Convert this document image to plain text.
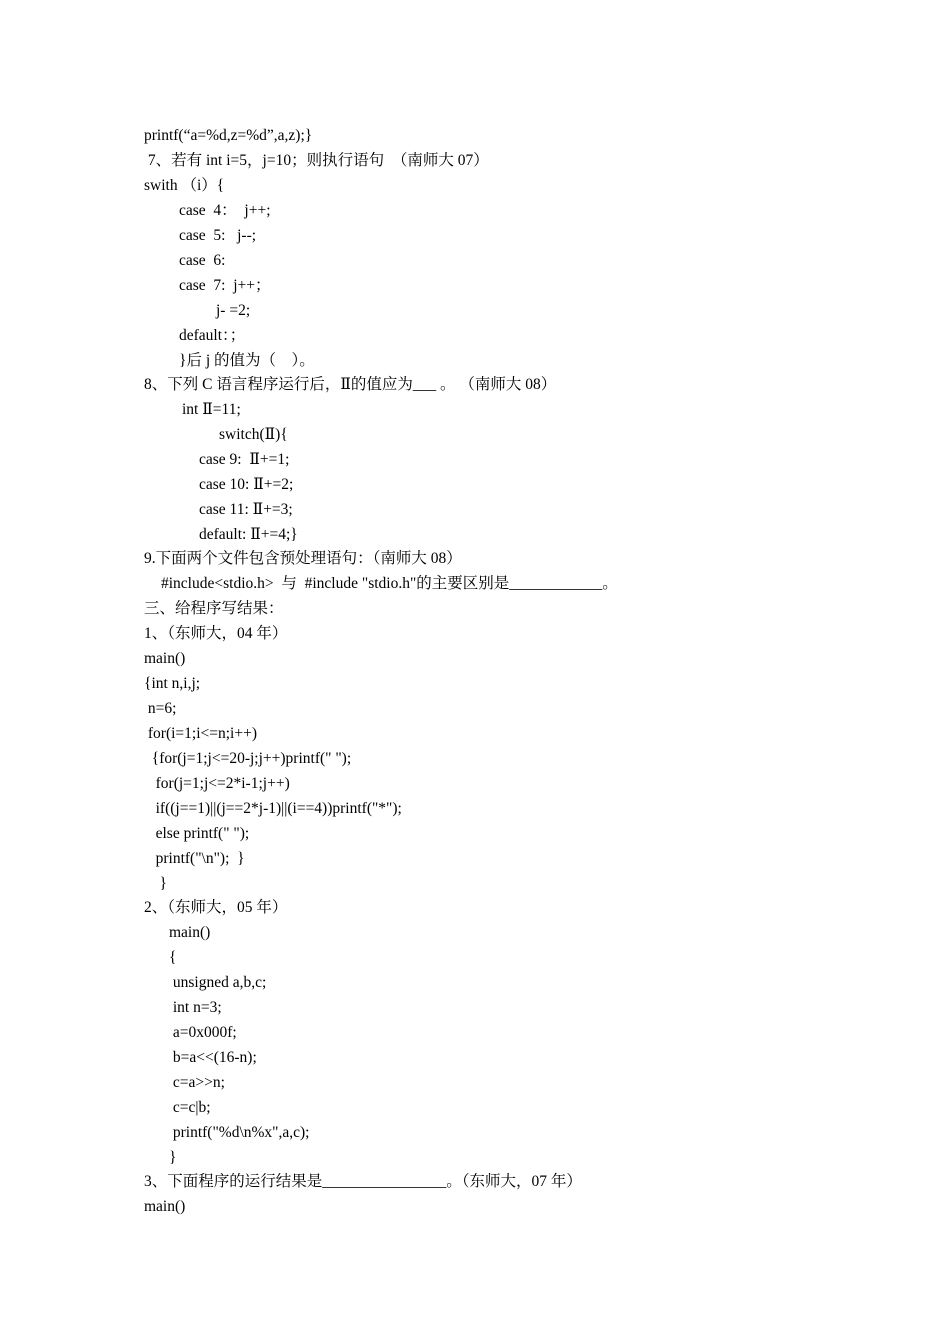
printf(“a=%d,z=%d”,a,z);}
7、若有 int i=5，j=10；则执行语句  （南师大 07）
swith （i）{
case  4：  j++;
case  5:   j--;
case  6:
case  7:  j++；
j- =2;
default：；
}后 j 的值为（    ）。
8、下列 C 语言程序运行后，Ⅱ的值应为___ 。 （南师大 08）
int Ⅱ=11;
switch(Ⅱ){
case 9:  Ⅱ+=1;
case 10: Ⅱ+=2;
case 11: Ⅱ+=3;
default: Ⅱ+=4;}
9.下面两个文件包含预处理语句：（南师大 08）
#include<stdio.h>  与  #include "stdio.h"的主要区别是____________。
三、给程序写结果：
1、（东师大，04 年）
main()
{int n,i,j;
n=6;
for(i=1;i<=n;i++)
{for(j=1;j<=20-j;j++)printf(" ");
for(j=1;j<=2*i-1;j++)
if((j==1)||(j==2*j-1)||(i==4))printf("*");
else printf(" ");
printf("\n");  }
}
2、（东师大，05 年）
main()
{
unsigned a,b,c;
int n=3;
a=0x000f;
b=a<<(16-n);
c=a>>n;
c=c|b;
printf("%d\n%x",a,c);
}
3、下面程序的运行结果是________________。（东师大，07 年）
main()
